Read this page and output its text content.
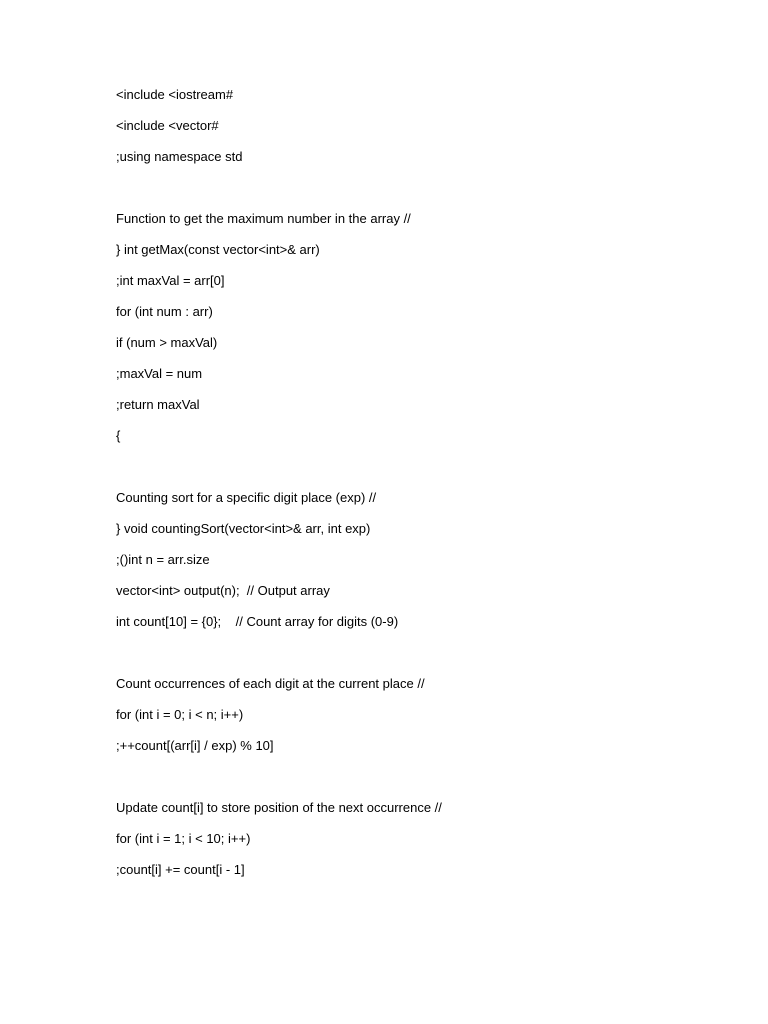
<include <iostream#
<include <vector#
;using namespace std
Function to get the maximum number in the array //
} int getMax(const vector<int>& arr)
;int maxVal = arr[0]
for (int num : arr)
if (num > maxVal)
;maxVal = num
;return maxVal
{
Counting sort for a specific digit place (exp) //
} void countingSort(vector<int>& arr, int exp)
;()int n = arr.size
vector<int> output(n);  // Output array
int count[10] = {0};    // Count array for digits (0-9)
Count occurrences of each digit at the current place //
for (int i = 0; i < n; i++)
;++count[(arr[i] / exp) % 10]
Update count[i] to store position of the next occurrence //
for (int i = 1; i < 10; i++)
;count[i] += count[i - 1]
